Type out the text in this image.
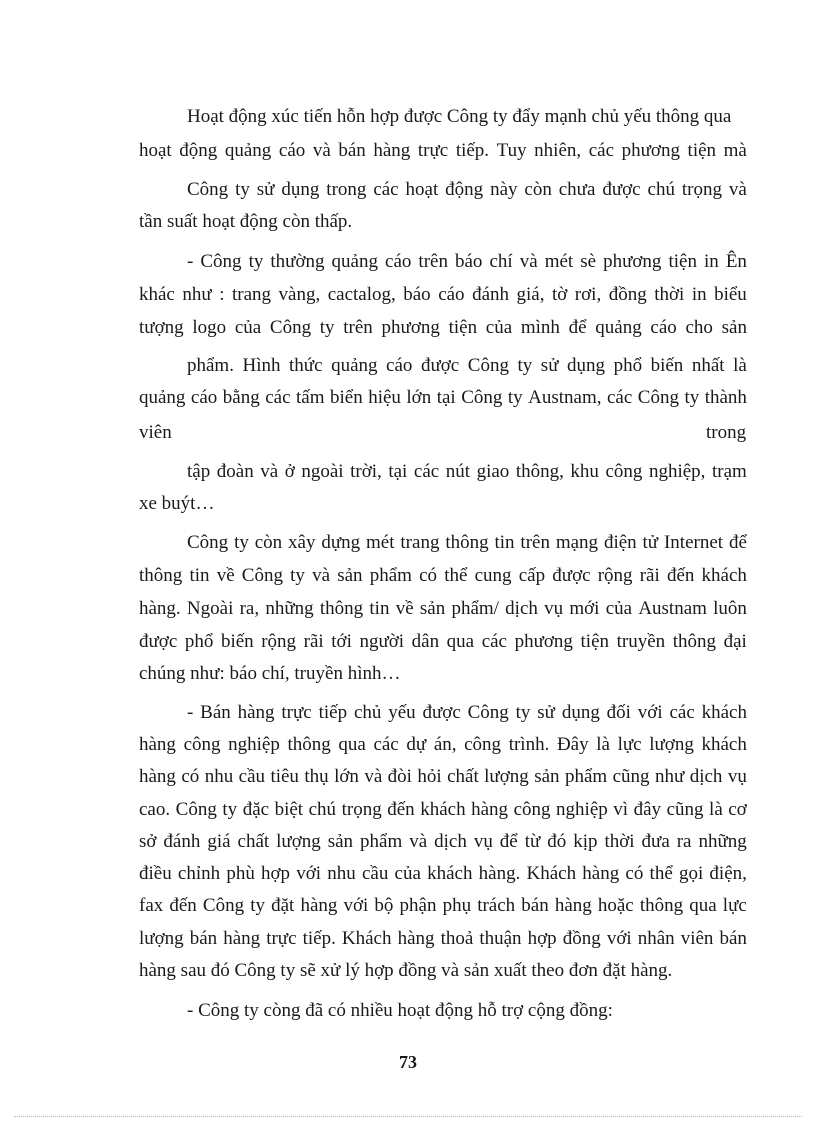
73
Hoạt động xúc tiến hỗn hợp được Công ty đẩy mạnh chủ yếu thông qua
hoạt động quảng cáo và bán hàng trực tiếp. Tuy nhiên, các phương tiện mà
Công ty sử dụng trong các hoạt động này còn chưa được chú trọng và
tần suất hoạt động còn thấp.
- Công ty thường quảng cáo trên báo chí và mét sè phương tiện in Ên
khác như : trang vàng, cactalog, báo cáo đánh giá, tờ rơi, đồng thời in biểu
tượng logo của Công ty trên phương tiện của mình để quảng cáo cho sản
phẩm. Hình thức quảng cáo được Công ty sử dụng phổ biến nhất là
quảng cáo bằng các tấm biển hiệu lớn tại Công ty Austnam, các Công ty thành
viên	trong
tập đoàn và ở ngoài trời, tại các nút giao thông, khu công nghiệp, trạm
xe buýt…
Công ty còn xây dựng mét trang thông tin trên mạng điện tử Internet để
thông tin về Công ty và sản phẩm có thể cung cấp được rộng rãi đến khách
hàng. Ngoài ra, những thông tin về sản phẩm/ dịch vụ mới của Austnam luôn
được phổ biến rộng rãi tới người dân qua các phương tiện truyền thông đại
chúng như: báo chí, truyền hình…
- Bán hàng trực tiếp chủ yếu được Công ty sử dụng đối với các khách
hàng công nghiệp thông qua các dự án, công trình. Đây là lực lượng khách
hàng có nhu cầu tiêu thụ lớn và đòi hỏi chất lượng sản phẩm cũng như dịch vụ
cao. Công ty đặc biệt chú trọng đến khách hàng công nghiệp vì đây cũng là cơ
sở đánh giá chất lượng sản phẩm và dịch vụ để từ đó kịp thời đưa ra những
điều chỉnh phù hợp với nhu cầu của khách hàng. Khách hàng có thể gọi điện,
fax đến Công ty đặt hàng với bộ phận phụ trách bán hàng hoặc thông qua lực
lượng bán hàng trực tiếp. Khách hàng thoả thuận hợp đồng với nhân viên bán
hàng sau đó Công ty sẽ xử lý hợp đồng và sản xuất theo đơn đặt hàng.
- Công ty còng đã có nhiều hoạt động hỗ trợ cộng đồng:
